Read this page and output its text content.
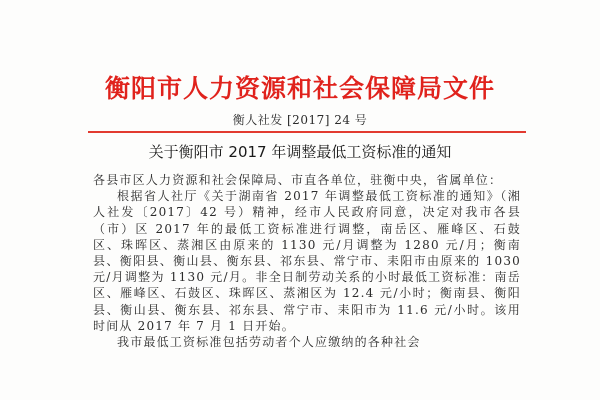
衡阳市人力资源和社会保障局文件
衡人社发 [2017] 24 号
关于衡阳市 2017 年调整最低工资标准的通知

各县市区人力资源和社会保障局、市直各单位，驻衡中央，省属单位：

根据省人社厅《关于湖南省 2017 年调整最低工资标准的通知》（湘人社发〔2017〕42 号）精神，经市人民政府同意，决定对我市各县（市）区 2017 年的最低工资标准进行调整，南岳区、雁峰区、石鼓区、珠晖区、蒸湘区由原来的 1130 元/月调整为 1280 元/月；衡南县、衡阳县、衡山县、衡东县、祁东县、常宁市、耒阳市由原来的 1030 元/月调整为 1130 元/月。非全日制劳动关系的小时最低工资标准：南岳区、雁峰区、石鼓区、珠晖区、蒸湘区为 12.4 元/小时；衡南县、衡阳县、衡山县、衡东县、祁东县、常宁市、耒阳市为 11.6 元/小时。该用时间从 2017 年 7 月 1 日开始。

我市最低工资标准包括劳动者个人应缴纳的各种社会
